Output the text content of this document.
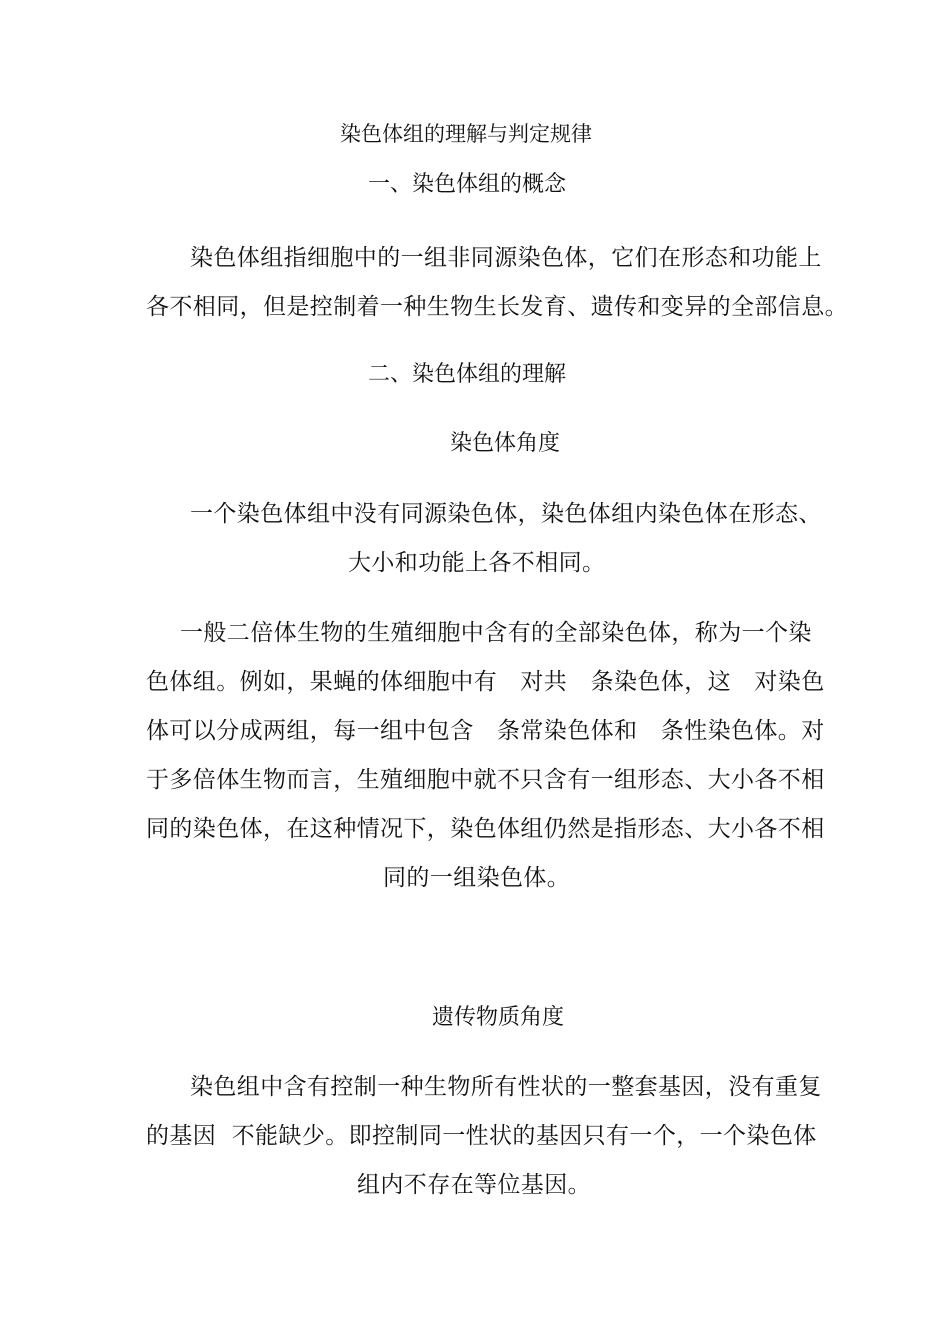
染色体组的理解与判定规律
一、染色体组的概念
染色体组指细胞中的一组非同源染色体，它们在形态和功能上
各不相同，但是控制着一种生物生长发育、遗传和变异的全部信息。
二、染色体组的理解
染色体角度
一个染色体组中没有同源染色体，染色体组内染色体在形态、
大小和功能上各不相同。
一般二倍体生物的生殖细胞中含有的全部染色体，称为一个染
色体组。例如，果蝇的体细胞中有　对共　条染色体，这　对染色
体可以分成两组，每一组中包含　条常染色体和　条性染色体。对
于多倍体生物而言，生殖细胞中就不只含有一组形态、大小各不相
同的染色体，在这种情况下，染色体组仍然是指形态、大小各不相
同的一组染色体。
遗传物质角度
染色组中含有控制一种生物所有性状的一整套基因，没有重复
的基因  不能缺少。即控制同一性状的基因只有一个，一个染色体
组内不存在等位基因。
